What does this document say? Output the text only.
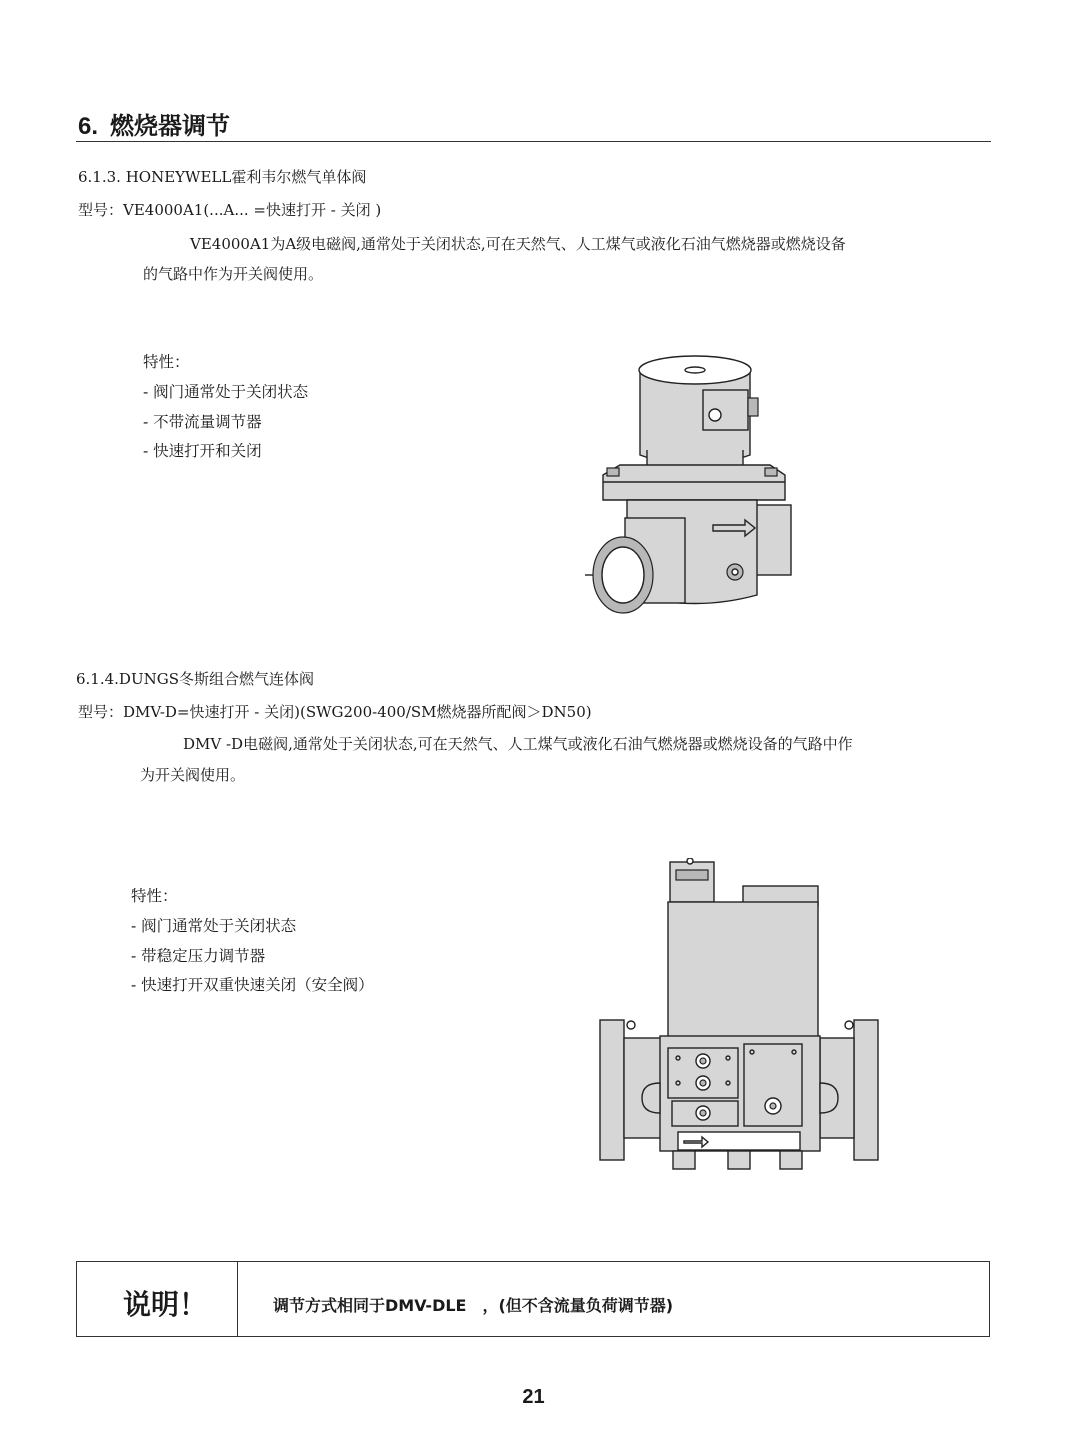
6. 燃烧器调节
6.1.3. HONEYWELL霍利韦尔燃气单体阀
型号：VE4000A1(...A... =快速打开 - 关闭 )
VE4000A1为A级电磁阀,通常处于关闭状态,可在天然气、人工煤气或液化石油气燃烧器或燃烧设备
的气路中作为开关阀使用。
特性：
- 阀门通常处于关闭状态
- 不带流量调节器
- 快速打开和关闭
6.1.4.DUNGS冬斯组合燃气连体阀
型号：DMV-D=快速打开 - 关闭)(SWG200-400/SM燃烧器所配阀＞DN50)
DMV -D电磁阀,通常处于关闭状态,可在天然气、人工煤气或液化石油气燃烧器或燃烧设备的气路中作
为开关阀使用。
特性：
- 阀门通常处于关闭状态
- 带稳定压力调节器
- 快速打开双重快速关闭（安全阀）
说明！	调节方式相同于DMV-DLE　，(但不含流量负荷调节器)
21
